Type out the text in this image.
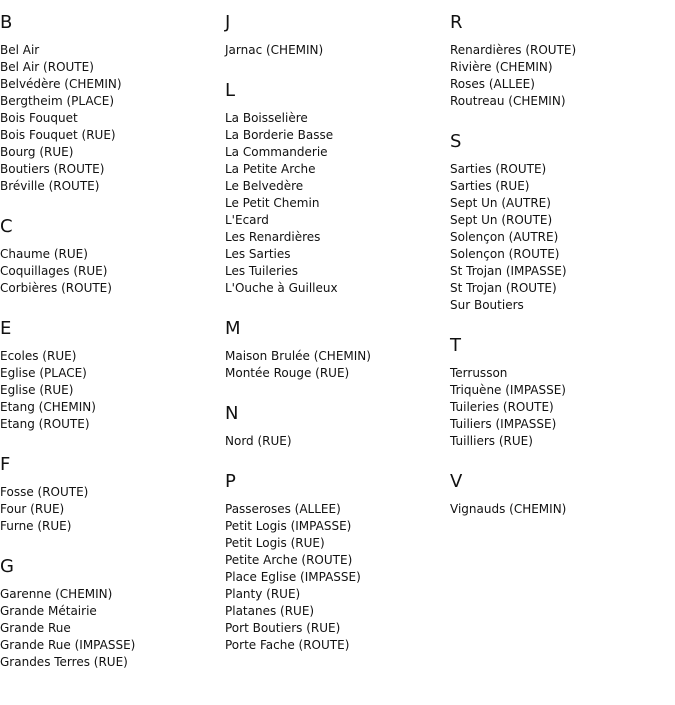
B
Bel Air
Bel Air (ROUTE)
Belvédère (CHEMIN)
Bergtheim (PLACE)
Bois Fouquet
Bois Fouquet (RUE)
Bourg (RUE)
Boutiers (ROUTE)
Bréville (ROUTE)
C
Chaume (RUE)
Coquillages (RUE)
Corbières (ROUTE)
E
Ecoles (RUE)
Eglise (PLACE)
Eglise (RUE)
Etang (CHEMIN)
Etang (ROUTE)
F
Fosse (ROUTE)
Four (RUE)
Furne (RUE)
G
Garenne (CHEMIN)
Grande Métairie
Grande Rue
Grande Rue (IMPASSE)
Grandes Terres (RUE)
J
Jarnac (CHEMIN)
L
La Boisselière
La Borderie Basse
La Commanderie
La Petite Arche
Le Belvedère
Le Petit Chemin
L'Ecard
Les Renardières
Les Sarties
Les Tuileries
L'Ouche à Guilleux
M
Maison Brulée (CHEMIN)
Montée Rouge (RUE)
N
Nord (RUE)
P
Passeroses (ALLEE)
Petit Logis (IMPASSE)
Petit Logis (RUE)
Petite Arche (ROUTE)
Place Eglise (IMPASSE)
Planty (RUE)
Platanes (RUE)
Port Boutiers (RUE)
Porte Fache (ROUTE)
R
Renardières (ROUTE)
Rivière (CHEMIN)
Roses (ALLEE)
Routreau (CHEMIN)
S
Sarties (ROUTE)
Sarties (RUE)
Sept Un (AUTRE)
Sept Un (ROUTE)
Solençon (AUTRE)
Solençon (ROUTE)
St Trojan (IMPASSE)
St Trojan (ROUTE)
Sur Boutiers
T
Terrusson
Triquène (IMPASSE)
Tuileries (ROUTE)
Tuiliers (IMPASSE)
Tuilliers (RUE)
V
Vignauds (CHEMIN)
